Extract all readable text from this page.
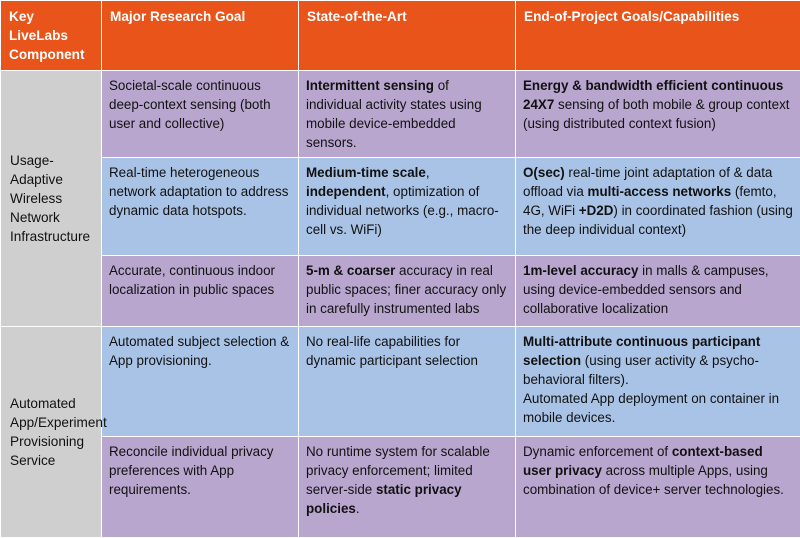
Key LiveLabs Component	Major Research Goal	State-of-the-Art	End-of-Project Goals/Capabilities
Usage-Adaptive Wireless Network Infrastructure	Societal-scale continuous deep-context sensing (both user and collective)	Intermittent sensing of individual activity states using mobile device-embedded sensors.	Energy & bandwidth efficient continuous 24X7 sensing of both mobile & group context (using distributed context fusion)
	Real-time heterogeneous network adaptation to address dynamic data hotspots.	Medium-time scale, independent, optimization of individual networks (e.g., macro-cell vs. WiFi)	O(sec) real-time joint adaptation of & data offload via multi-access networks (femto, 4G, WiFi +D2D) in coordinated fashion (using the deep individual context)
	Accurate, continuous indoor localization in public spaces	5-m & coarser accuracy in real public spaces; finer accuracy only in carefully instrumented labs	1m-level accuracy in malls & campuses, using device-embedded sensors and collaborative localization
Automated App/Experiment Provisioning Service	Automated subject selection & App provisioning.	No real-life capabilities for dynamic participant selection	Multi-attribute continuous participant selection (using user activity & psycho-behavioral filters).
Automated App deployment on container in mobile devices.

	Reconcile individual privacy preferences with App requirements.	No runtime system for scalable privacy enforcement; limited server-side static privacy policies.	Dynamic enforcement of context-based user privacy across multiple Apps, using combination of device+ server technologies.
